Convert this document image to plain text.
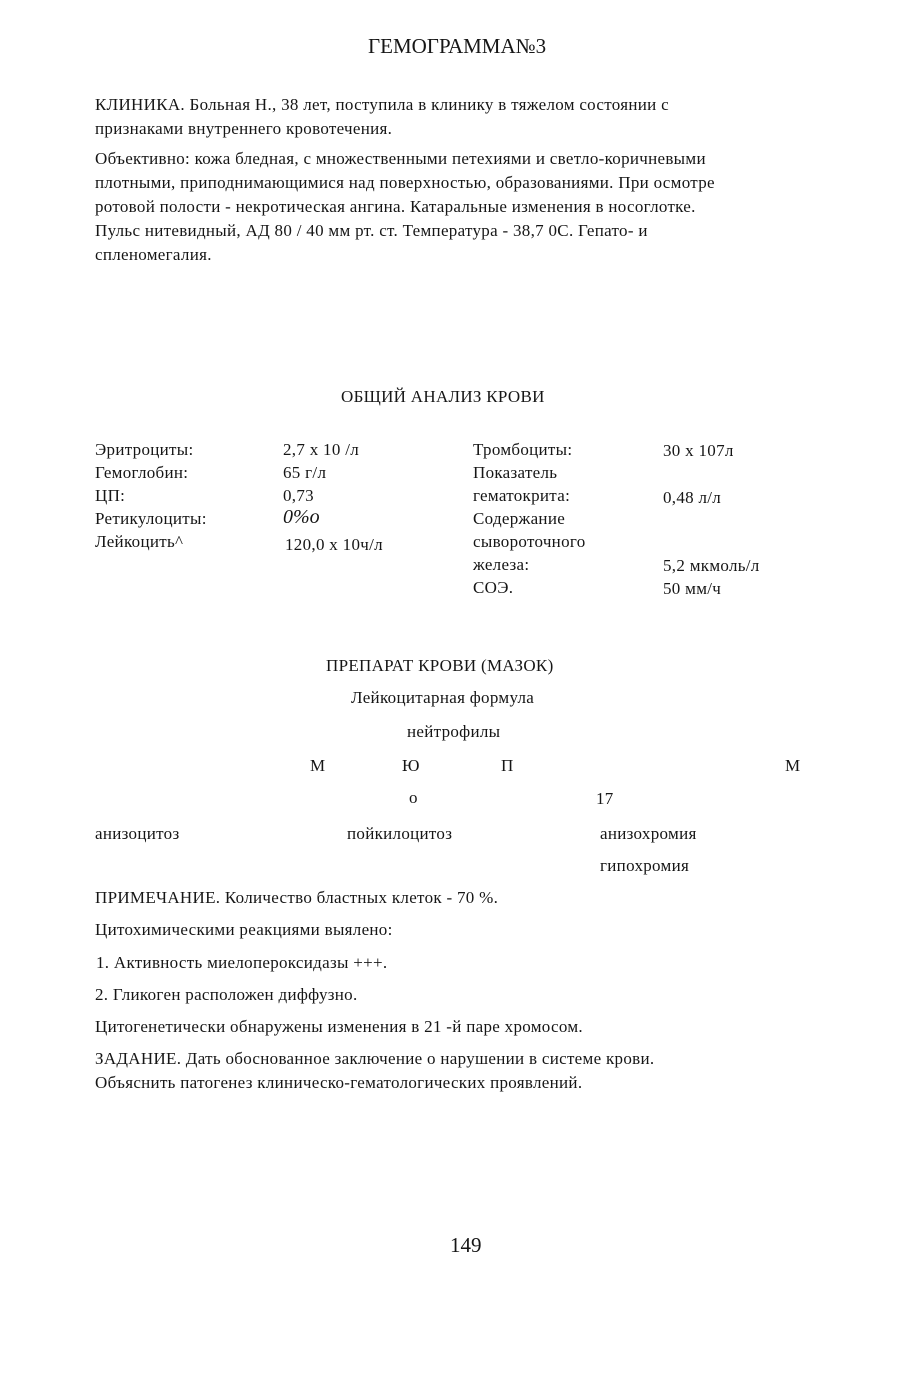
ГЕМОГРАММА№3
КЛИНИКА. Больная Н., 38 лет, поступила в клинику в тяжелом состоянии с
признаками внутреннего кровотечения.
Объективно: кожа бледная, с множественными петехиями и светло-коричневыми
плотными, приподнимающимися над поверхностью, образованиями. При осмотре
ротовой полости - некротическая ангина. Катаральные изменения в носоглотке.
Пульс нитевидный, АД 80 / 40 мм рт. ст. Температура - 38,7 0С. Гепато- и
спленомегалия.
ОБЩИЙ АНАЛИЗ КРОВИ
Эритроциты:	2,7 х 10 /л
Гемоглобин:	65 г/л
ЦП:	0,73
Ретикулоциты:	0%о
Лейкоцить^	120,0 х 10ч/л
Тромбоциты:	30 х 107л
Показатель
гематокрита:	0,48 л/л
Содержание
сывороточного
железа:	5,2 мкмоль/л
СОЭ.	50 мм/ч
ПРЕПАРАТ КРОВИ (МАЗОК)
Лейкоцитарная формула
нейтрофилы
М	Ю	П	М
о	17
анизоцитоз	пойкилоцитоз	анизохромия
гипохромия
ПРИМЕЧАНИЕ. Количество бластных клеток - 70 %.
Цитохимическими реакциями выялено:
1. Активность миелопероксидазы +++.
2. Гликоген расположен диффузно.
Цитогенетически обнаружены изменения в 21 -й паре хромосом.
ЗАДАНИЕ. Дать обоснованное заключение о нарушении в системе крови.
Объяснить патогенез клиническо-гематологических проявлений.
149
